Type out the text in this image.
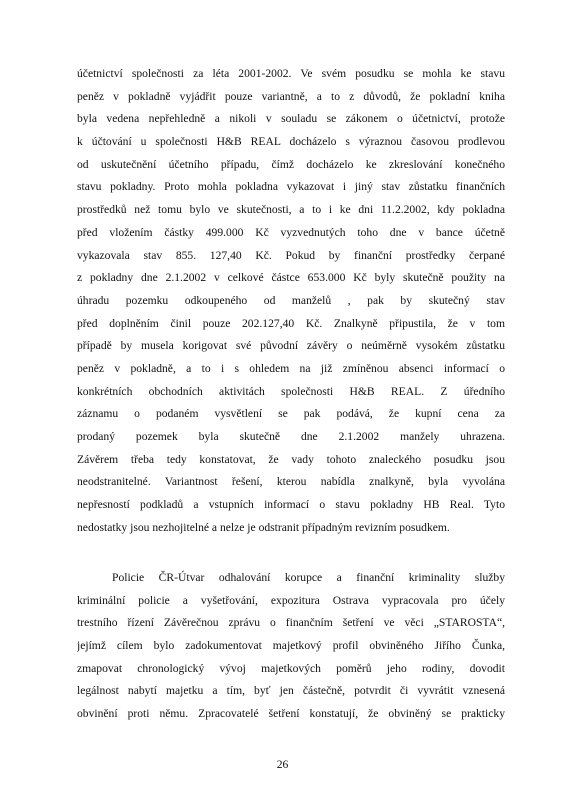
účetnictví společnosti za léta 2001-2002. Ve svém posudku se mohla ke stavu
peněz v pokladně vyjádřit pouze variantně, a to z důvodů, že pokladní kniha
byla vedena nepřehledně a nikoli v souladu se zákonem o účetnictví, protože
k účtování u společnosti H&B REAL docházelo s výraznou časovou prodlevou
od uskutečnění účetního případu, čímž docházelo ke zkreslování konečného
stavu pokladny. Proto mohla pokladna vykazovat i jiný stav zůstatku finančních
prostředků než tomu bylo ve skutečnosti, a to i ke dni 11.2.2002, kdy pokladna
před vložením částky 499.000 Kč vyzvednutých toho dne v bance účetně
vykazovala stav 855. 127,40 Kč. Pokud by finanční prostředky čerpané
z pokladny dne 2.1.2002 v celkové částce 653.000 Kč byly skutečně použity na
úhradu pozemku odkoupeného od manželů , pak by skutečný stav
před doplněním činil pouze 202.127,40 Kč. Znalkyně připustila, že v tom
případě by musela korigovat své původní závěry o neúměrně vysokém zůstatku
peněz v pokladně, a to i s ohledem na již zmíněnou absenci informací o
konkrétních obchodních aktivitách společnosti H&B REAL. Z úředního
záznamu o podaném vysvětlení se pak podává, že kupní cena za
prodaný pozemek byla skutečně dne 2.1.2002 manžely uhrazena.
Závěrem třeba tedy konstatovat, že vady tohoto znaleckého posudku jsou
neodstranitelné. Variantnost řešení, kterou nabídla znalkyně, byla vyvolána
nepřesností podkladů a vstupních informací o stavu pokladny HB Real. Tyto
nedostatky jsou nezhojitelné a nelze je odstranit případným revizním posudkem.
Policie ČR-Útvar odhalování korupce a finanční kriminality služby
kriminální policie a vyšetřování, expozitura Ostrava vypracovala pro účely
trestního řízení Závěrečnou zprávu o finančním šetření ve věci „STAROSTA“,
jejímž cílem bylo zadokumentovat majetkový profil obviněného Jiřího Čunka,
zmapovat chronologický vývoj majetkových poměrů jeho rodiny, dovodit
legálnost nabytí majetku a tím, byť jen částečně, potvrdit či vyvrátit vznesená
obvinění proti němu. Zpracovatelé šetření konstatují, že obviněný se prakticky
26
